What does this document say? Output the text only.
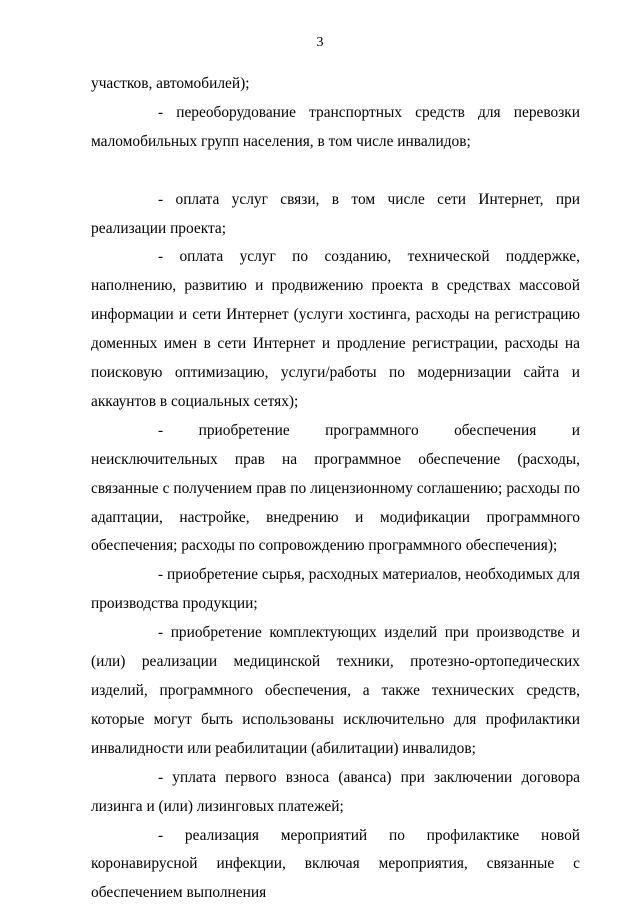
3

участков, автомобилей);

- переоборудование транспортных средств для перевозки маломобильных групп населения, в том числе инвалидов;

- оплата услуг связи, в том числе сети Интернет, при реализации проекта;

- оплата услуг по созданию, технической поддержке, наполнению, развитию и продвижению проекта в средствах массовой информации и сети Интернет (услуги хостинга, расходы на регистрацию доменных имен в сети Интернет и продление регистрации, расходы на поисковую оптимизацию, услуги/работы по модернизации сайта и аккаунтов в социальных сетях);

- приобретение программного обеспечения и неисключительных прав на программное обеспечение (расходы, связанные с получением прав по лицензионному соглашению; расходы по адаптации, настройке, внедрению и модификации программного обеспечения; расходы по сопровождению программного обеспечения);

- приобретение сырья, расходных материалов, необходимых для производства продукции;

- приобретение комплектующих изделий при производстве и (или) реализации медицинской техники, протезно-ортопедических изделий, программного обеспечения, а также технических средств, которые могут быть использованы исключительно для профилактики инвалидности или реабилитации (абилитации) инвалидов;

- уплата первого взноса (аванса) при заключении договора лизинга и (или) лизинговых платежей;

- реализация мероприятий по профилактике новой коронавирусной инфекции, включая мероприятия, связанные с обеспечением выполнения
